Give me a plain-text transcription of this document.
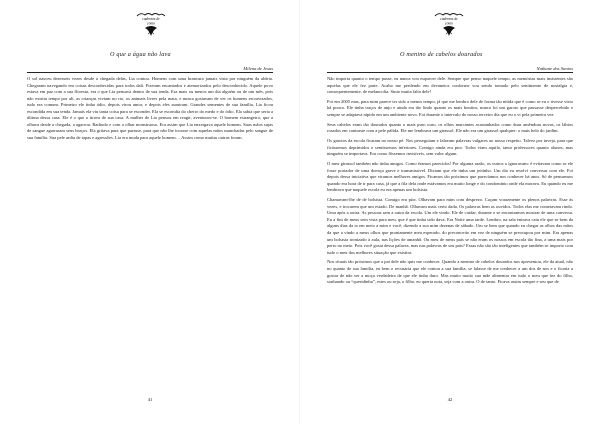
cadernos de
conto
O que a água não lava
Milena de Jesus

O sol nasceu dezesseis vezes desde a chegada delas, Lia contou. Homens com uma brancura jamais vista por ninguém da aldeia. Chegaram navegando em coisas desconhecidas para todos dali. Fizeram encantados e atemorizados pelo desconhecido. Aquele povo estava em paz com a sua floresta, era o que Lia pensava dentro de sua tenda. Era mais ou menos um dia alguém ou de um mês, pois não existia tempo por ali, as crianças viviam no rio, os animais livres pela mata, e nunca gostavam de ver os homens escravizados, tudo era comum. Primeiro ele tinha ódio, depois virou amor, e depois eles sumiram. Grandes sementes de sua família, Lia ficou escondida em sua tenda. Jamais ela viu tanta coisa para se esconder. Ela se escondia do cheiro do medo e do ódio. Ela sabia que seria a última dessa casa. Ele é o que o tirava de sua casa. A mulher de Lia pensou em reagir, aventurou-se. O homem estrangeiro, que a olhava desde a chegada, a agarrou. Barbudo e com o olhar monstruoso. Era assim que Lia enxergava aquele homem. Suas mãos sujas de sangue agarraram seus braços. Ela gritava para que parasse, para que não lhe tocasse com aquelas mãos manchadas pelo sangue de sua família. Sua pele ardia de tapas e agressões. Lia era muda para aquele homem… Assim como muitas outras foram.

41
cadernos de
conto
O menino de cabelos dourados
Nathane dos Santos

Não importa quanto o tempo passe, eu nunca vou esquecer dele. Sempre que penso naquele tempo, as memórias mais insistentes são aquelas que ele fez parte. Acabo me perdendo em devaneios conforme vou sendo tomado pelo sentimento de nostalgia e, consequentemente, de melancolia. Sinto muita falta dele!

Foi em 2005 mas, para mim parece ter sido a menos tempo, já que me lembro dele de forma tão nítida que é como se eu o tivesse visto há pouco. Ele tinha traços de anjo e ainda era tão lindo quanto os mais bonitos, nunca foi um garoto que passasse despercebido e sempre se adaptava rápido em um ambiente novo. Foi durante o intervalo do nosso terceiro dia que eu o vi pela primeira vez.

Seus cabelos eram tão dourados quanto o mais puro ouro, os olhos marcantes acastanhados como duas amêndoas novas, os lábios rosados em contraste com a pele pálida. Ele me lembrava um girassol. Ele não era um girassol qualquer: o mais belo do jardim.

Os garotos da escola ficaram no nosso pé. Nos perseguiam e falavam palavras vulgares ao nosso respeito. Talvez por inveja, para que ficássemos deprimidos e sentíssemos inferiores. Comigo ainda era pior. Todos viam aquilo, tanto professores quanto alunos, mas ninguém se importava. Era como fôssemos invisíveis, sem valor algum.

O meu girassol também não tinha amigos. Como éramos parecidos! Por alguma razão, os outros o ignoravam: é evitavam como se ele fosse portador de uma doença grave e transmissível. Diziam que ele tinha um jeitinho. Um dia eu resolvi conversar com ele. Foi depois dessa iniciativa que viramos melhores amigos. Ficamos tão próximos que parecíamos nos conhecer há anos. Só de pensarmos quando era hora de ir para casa, já que a fila dela onde estávamos era muito longe e do condomínio onde ela morava. Eu quando eu me lembrava que naquele escola eu era apenas um bolsista.

Chamavam-lhe de de bolsista. Comigo era pior. Olhavam para mim com desprezo. Caçam vorazmente os plenos palavras. Esse às vezes, e trocarem que um estado. De manhã. Olhavam mais certo dada. Os palavras bem as ouvidos. Todos elas me cometavam rindo. Uma após a outra. As pessoas sem a outra da escola. Um ele vindo. Ele de cuidar, durante o se encontramos mostrar de uma conversa. Eu a fim de meus sem vista para meu, que é que tinha sido dava. Era Noite uma tarde. Lembro, na sala entrava caiu ele que se bem da alguns dias da ia em meio a mim e você, dizendo a sua mim dezenas de sábado. Um se bem que quando eu chegar as olhos das mãos da que a vindo a meus olhos que prontamente meu esperado, do preconceito em vez de ninguém se preocupou por mim. Era apenas um bolsista ironizado à aula, nas lições de amanhã. Ou meu de meus pais se não eram os nossos em escola tão fina, a uma mais por perto no meio. Pois você gosta dessa palavra, mas nas palavras de seu pais? Essas não são tão inteligentes que também se importo com tudo o meu dos melhores situação que existira.

Nos rituais tão próximos que a pai dele não quis me conhecer. Quando a menino de cabelos dourados nos apresentou, ele da atual, não no quanto de sua família, eu bem o recusaria que ele contou a sua família, se falasse de me conhecer a um dos de nos e o ficaria a gostar de não ser a moça verdadeira de que ele tinha duro. Mas muito muito sua mãe alimentar em tudo o meu que fez do filho, sonhando ou “queridinha”, estes ou seja, o filho, eu queria nota, seja com a outra. O de tanto. Ficava assim sempre e seu que de

42
